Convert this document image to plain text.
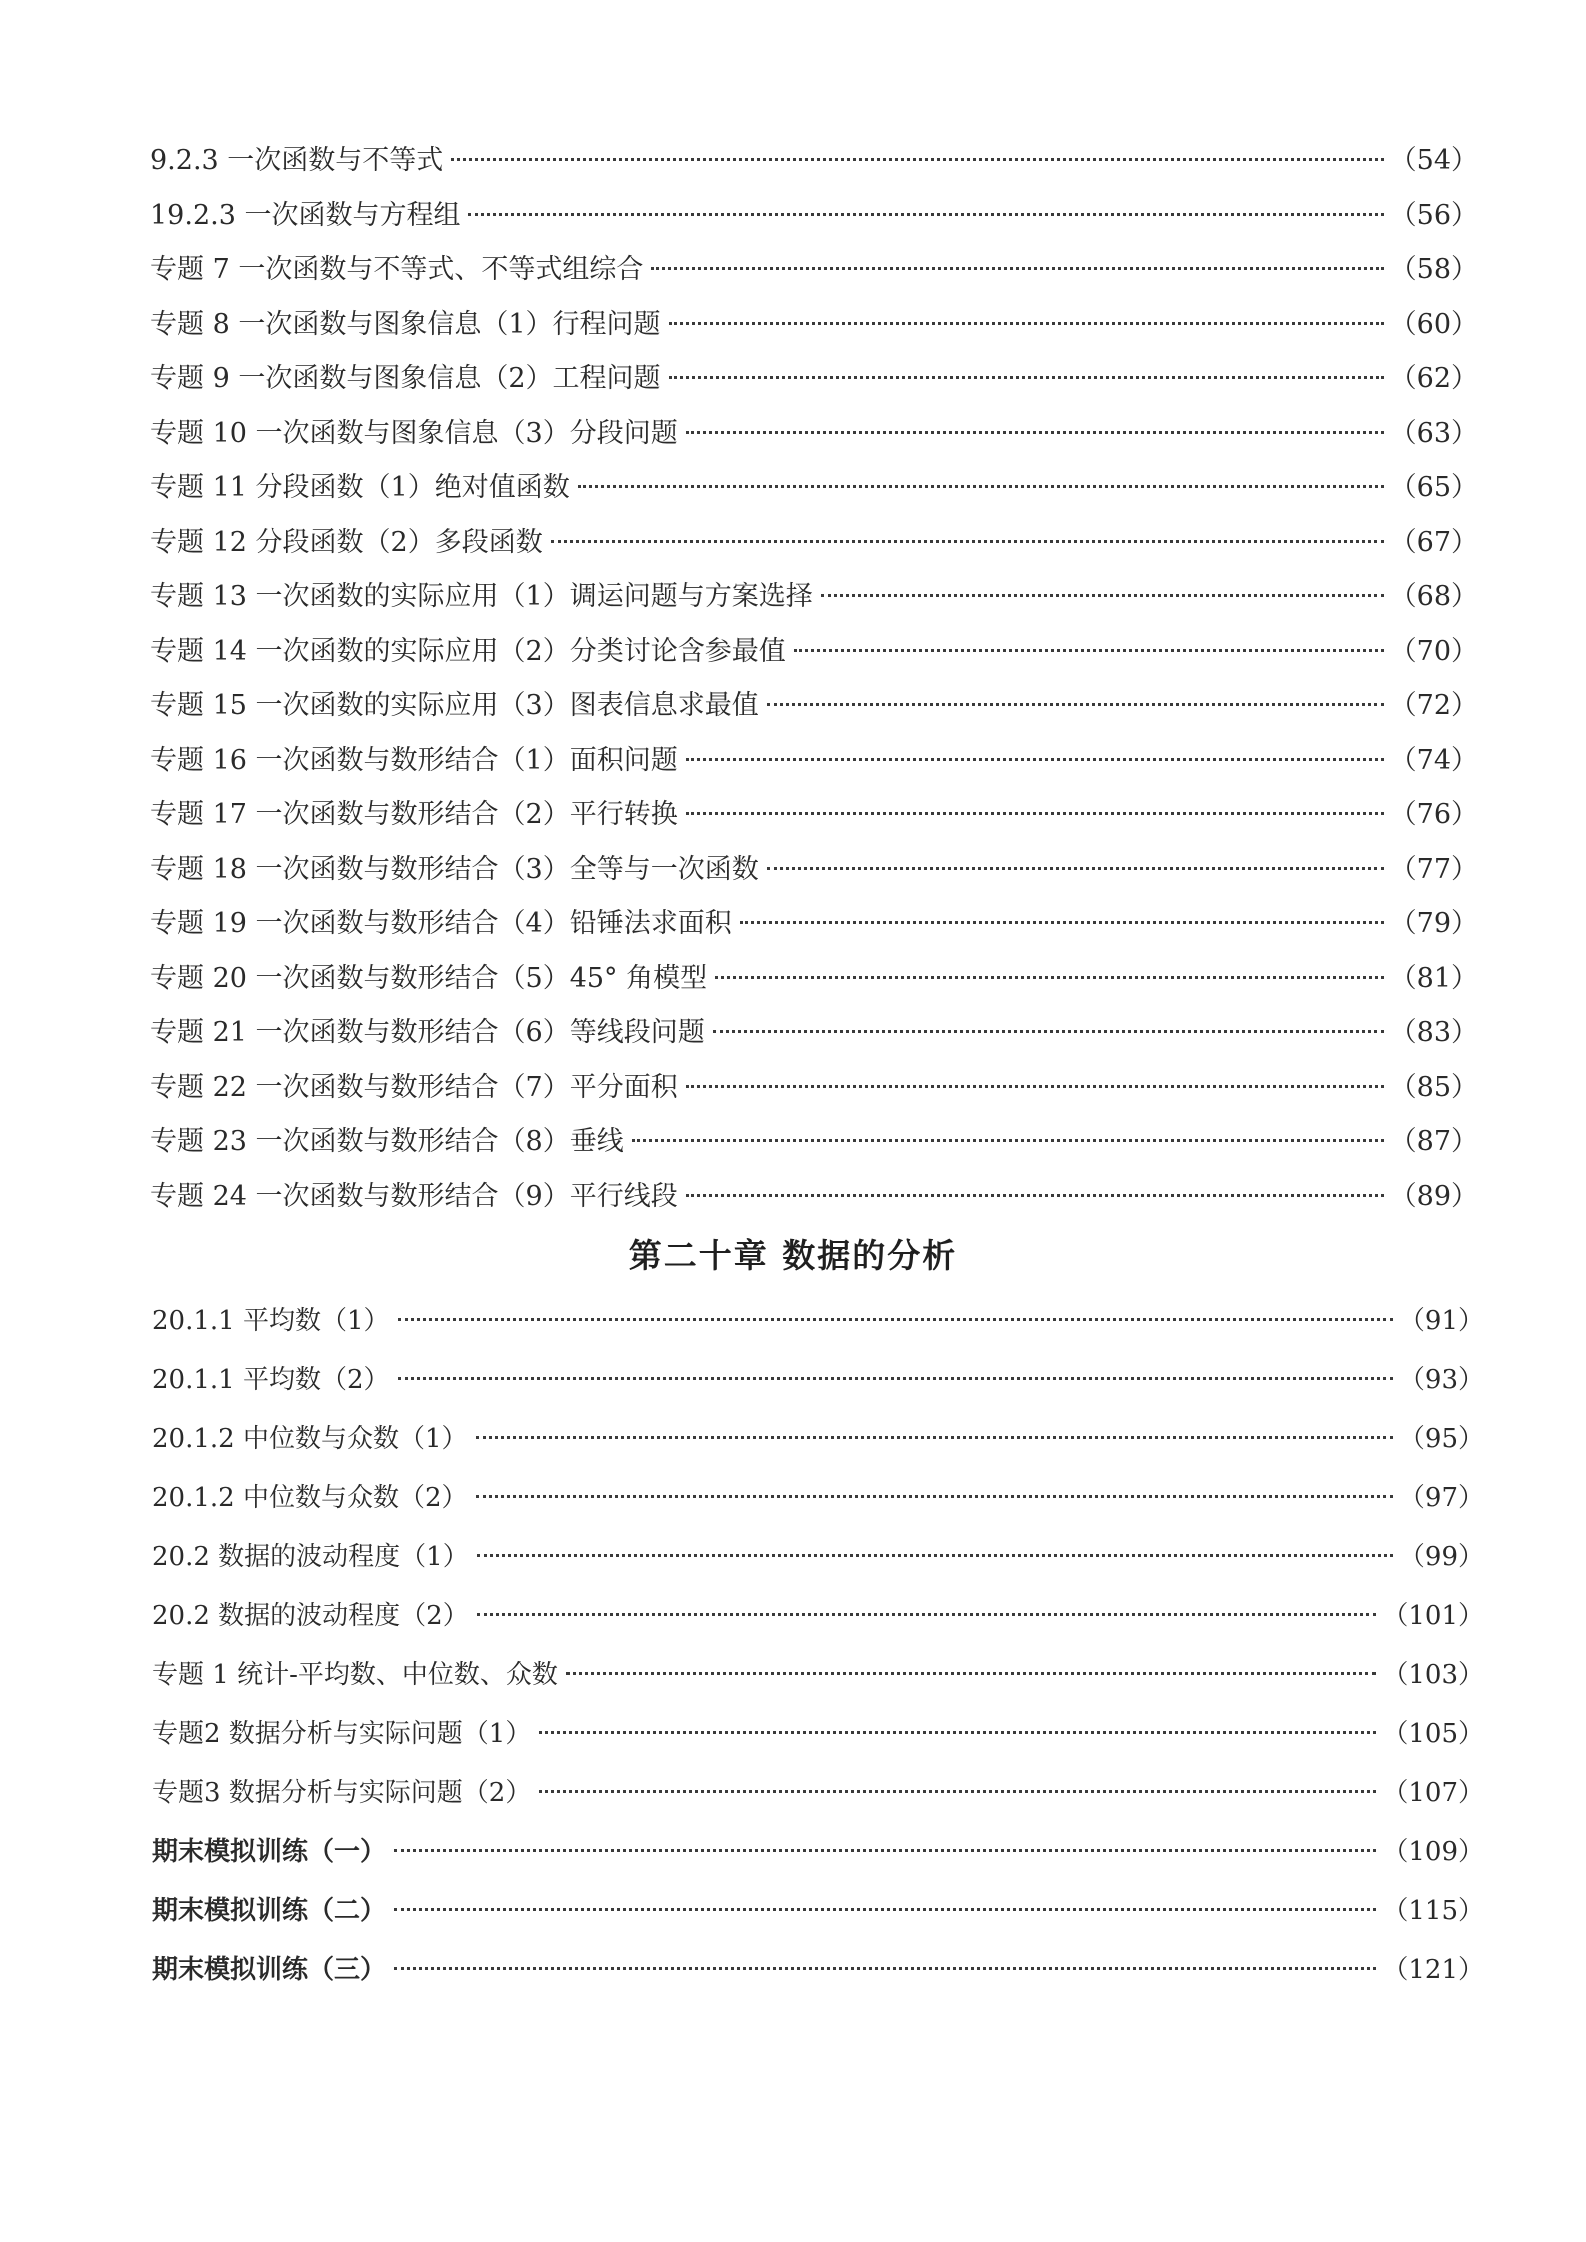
9.2.3 一次函数与不等式	（54）
19.2.3 一次函数与方程组	（56）
专题 7 一次函数与不等式、不等式组综合	（58）
专题 8 一次函数与图象信息（1）行程问题	（60）
专题 9 一次函数与图象信息（2）工程问题	（62）
专题 10 一次函数与图象信息（3）分段问题	（63）
专题 11 分段函数（1）绝对值函数	（65）
专题 12 分段函数（2）多段函数	（67）
专题 13 一次函数的实际应用（1）调运问题与方案选择	（68）
专题 14 一次函数的实际应用（2）分类讨论含参最值	（70）
专题 15 一次函数的实际应用（3）图表信息求最值	（72）
专题 16 一次函数与数形结合（1）面积问题	（74）
专题 17 一次函数与数形结合（2）平行转换	（76）
专题 18 一次函数与数形结合（3）全等与一次函数	（77）
专题 19 一次函数与数形结合（4）铅锤法求面积	（79）
专题 20 一次函数与数形结合（5）45° 角模型	（81）
专题 21 一次函数与数形结合（6）等线段问题	（83）
专题 22 一次函数与数形结合（7）平分面积	（85）
专题 23 一次函数与数形结合（8）垂线	（87）
专题 24 一次函数与数形结合（9）平行线段	（89）
第二十章 数据的分析
20.1.1 平均数（1）	（91）
20.1.1 平均数（2）	（93）
20.1.2 中位数与众数（1）	（95）
20.1.2 中位数与众数（2）	（97）
20.2 数据的波动程度（1）	（99）
20.2 数据的波动程度（2）	（101）
专题 1 统计-平均数、中位数、众数	（103）
专题2 数据分析与实际问题（1）	（105）
专题3 数据分析与实际问题（2）	（107）
期末模拟训练（一）	（109）
期末模拟训练（二）	（115）
期末模拟训练（三）	（121）
